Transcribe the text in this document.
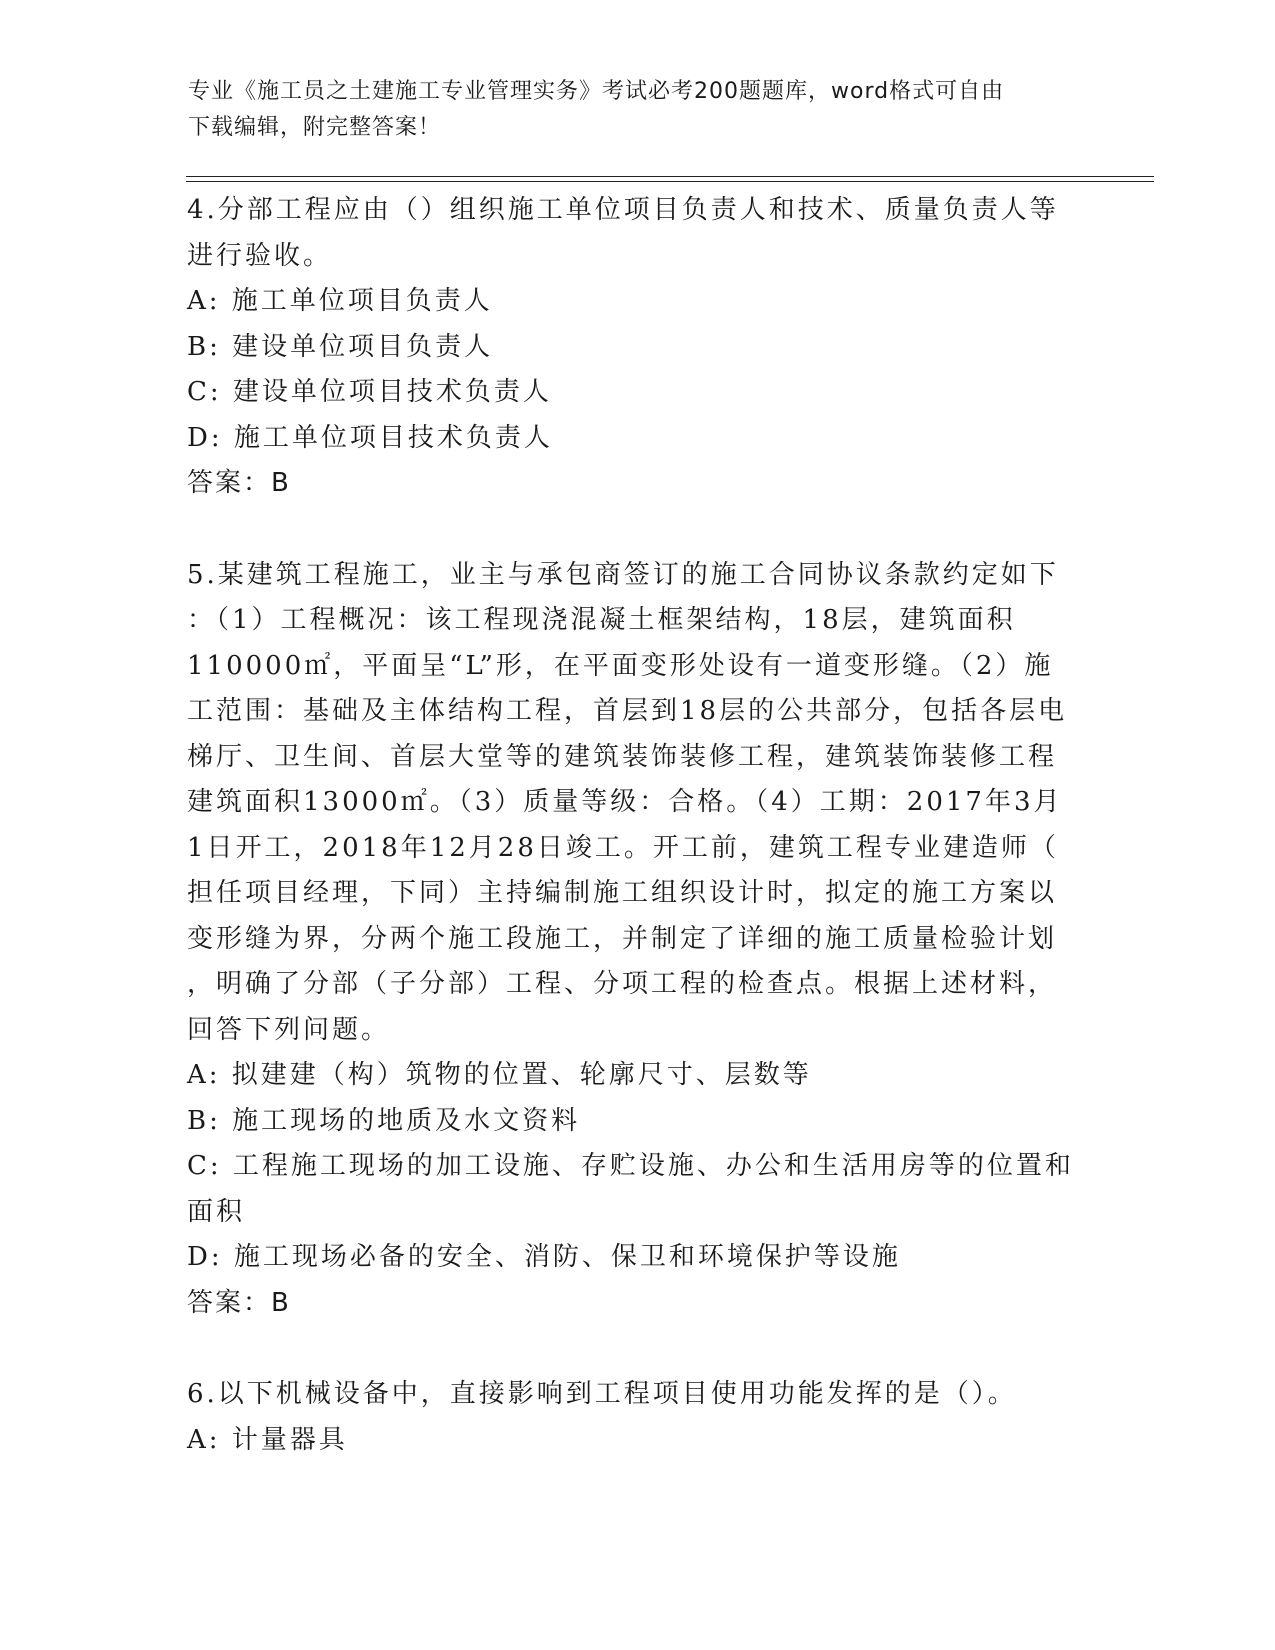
专业《施工员之土建施工专业管理实务》考试必考200题题库，word格式可自由
下载编辑，附完整答案！

4.分部工程应由（）组织施工单位项目负责人和技术、质量负责人等

进行验收。

A: 施工单位项目负责人

B: 建设单位项目负责人

C: 建设单位项目技术负责人

D: 施工单位项目技术负责人

答案：B

5.某建筑工程施工，业主与承包商签订的施工合同协议条款约定如下

：（1）工程概况：该工程现浇混凝土框架结构，18层，建筑面积

110000㎡，平面呈“L”形，在平面变形处设有一道变形缝。（2）施

工范围：基础及主体结构工程，首层到18层的公共部分，包括各层电

梯厅、卫生间、首层大堂等的建筑装饰装修工程，建筑装饰装修工程

建筑面积13000㎡。（3）质量等级：合格。（4）工期：2017年3月

1日开工，2018年12月28日竣工。开工前，建筑工程专业建造师（

担任项目经理，下同）主持编制施工组织设计时，拟定的施工方案以

变形缝为界，分两个施工段施工，并制定了详细的施工质量检验计划

，明确了分部（子分部）工程、分项工程的检查点。根据上述材料，

回答下列问题。

A: 拟建建（构）筑物的位置、轮廓尺寸、层数等

B: 施工现场的地质及水文资料

C: 工程施工现场的加工设施、存贮设施、办公和生活用房等的位置和

面积

D: 施工现场必备的安全、消防、保卫和环境保护等设施

答案：B

6.以下机械设备中，直接影响到工程项目使用功能发挥的是（）。

A: 计量器具
